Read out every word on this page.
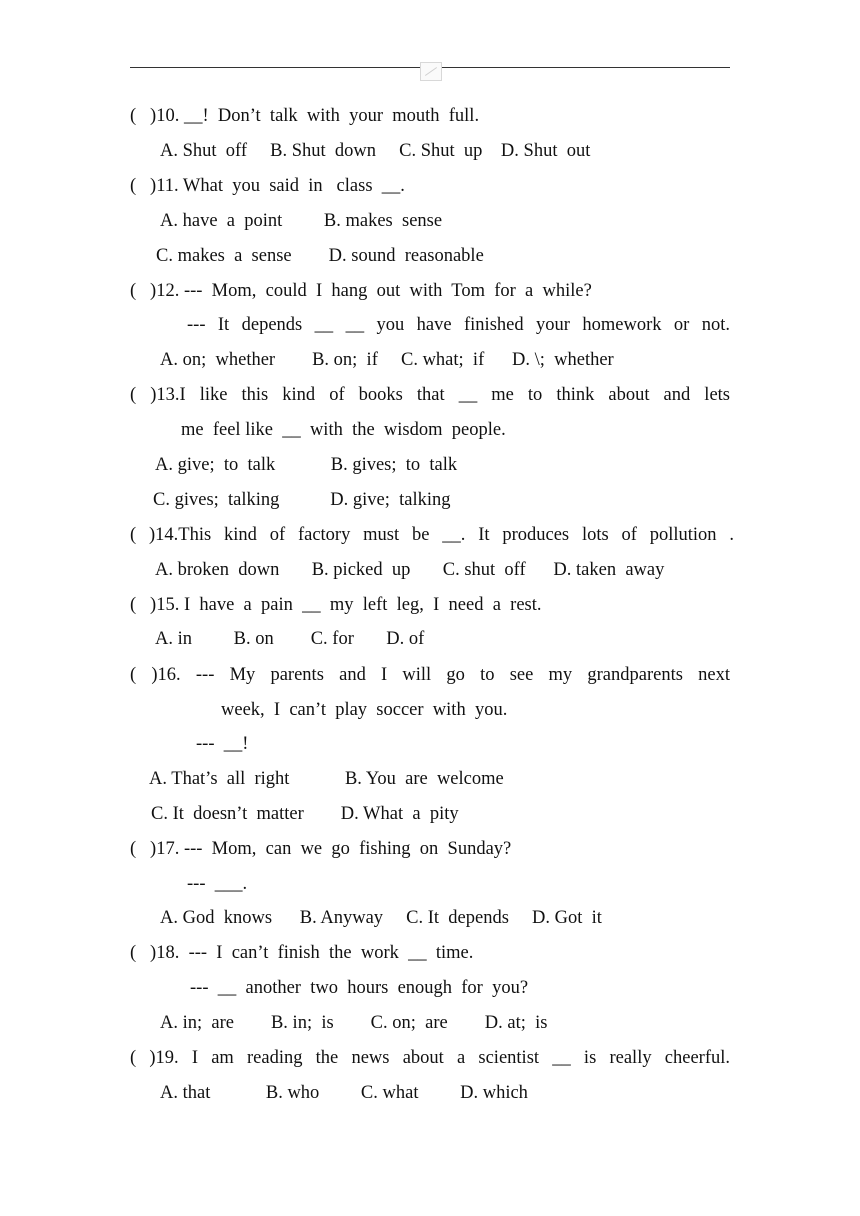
(   )10. __!  Don’t  talk  with  your  mouth  full.
A. Shut  off     B. Shut  down     C. Shut  up    D. Shut  out
(   )11. What  you  said  in   class  __.
A. have  a  point         B. makes  sense
C. makes  a  sense        D. sound  reasonable
(   )12. ---  Mom,  could  I  hang  out  with  Tom  for  a  while?
--- It depends __ __ you have finished your homework or not.
A. on;  whether        B. on;  if     C. what;  if      D. \;  whether
( )13.I like this kind of books that __ me to think about and lets
me  feel like  __  with  the  wisdom  people.
A. give;  to  talk            B. gives;  to  talk
C. gives;  talking           D. give;  talking
( )14.This kind of factory must be __. It produces lots of pollution .
A. broken  down       B. picked  up       C. shut  off      D. taken  away
(   )15. I  have  a  pain  __  my  left  leg,  I  need  a  rest.
A. in         B. on        C. for       D. of
( )16. --- My parents and I will go to see my grandparents next
week,  I  can’t  play  soccer  with  you.
---  __!
A. That’s  all  right            B. You  are  welcome
C. It  doesn’t  matter        D. What  a  pity
(   )17. ---  Mom,  can  we  go  fishing  on  Sunday?
---  ___.
A. God  knows      B. Anyway     C. It  depends     D. Got  it
(   )18.  ---  I  can’t  finish  the  work  __  time.
---  __  another  two  hours  enough  for  you?
A. in;  are        B. in;  is        C. on;  are        D. at;  is
( )19. I am reading the news about a scientist __ is really cheerful.
A. that            B. who         C. what         D. which
